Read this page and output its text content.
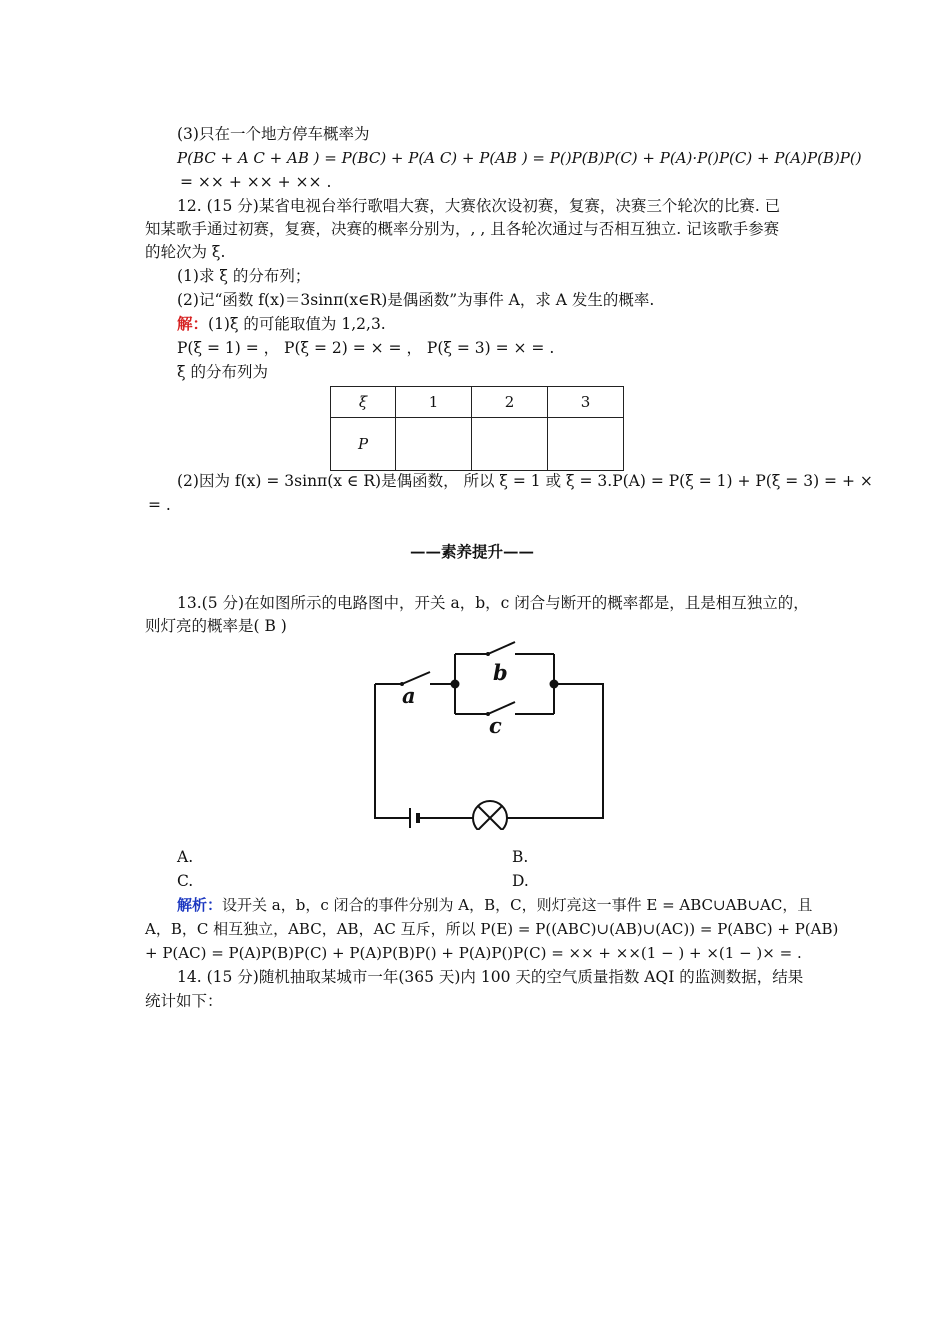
(3)只在一个地方停车概率为
P(BC + A C + AB ) = P(BC) + P(A C) + P(AB ) = P()P(B)P(C) + P(A)·P()P(C) + P(A)P(B)P()
= ×× + ×× + ×× .
12. (15 分)某省电视台举行歌唱大赛，大赛依次设初赛，复赛，决赛三个轮次的比赛. 已
知某歌手通过初赛，复赛，决赛的概率分别为，, , 且各轮次通过与否相互独立. 记该歌手参赛
的轮次为 ξ.
(1)求 ξ 的分布列；
(2)记“函数 f(x)＝3sinπ(x∈R)是偶函数”为事件 A，求 A 发生的概率.
解：(1)ξ 的可能取值为 1,2,3.
P(ξ = 1) = ， P(ξ = 2) = × = ， P(ξ = 3) = × = .
ξ 的分布列为
ξ	1	2	3
P			
(2)因为 f(x) = 3sinπ(x ∈ R)是偶函数， 所以 ξ = 1 或 ξ = 3.P(A) = P(ξ = 1) + P(ξ = 3) = + ×
= .
——素养提升——
13.(5 分)在如图所示的电路图中，开关 a，b，c 闭合与断开的概率都是，且是相互独立的，
则灯亮的概率是( B )
a
b
c
A.	B.
C.	D.
解析：设开关 a，b，c 闭合的事件分别为 A，B，C，则灯亮这一事件 E = ABC∪AB∪AC，且
A，B，C 相互独立，ABC，AB，AC 互斥，所以 P(E) = P((ABC)∪(AB)∪(AC)) = P(ABC) + P(AB)
+ P(AC) = P(A)P(B)P(C) + P(A)P(B)P() + P(A)P()P(C) = ×× + ××(1 − ) + ×(1 − )× = .
14. (15 分)随机抽取某城市一年(365 天)内 100 天的空气质量指数 AQI 的监测数据，结果
统计如下：
